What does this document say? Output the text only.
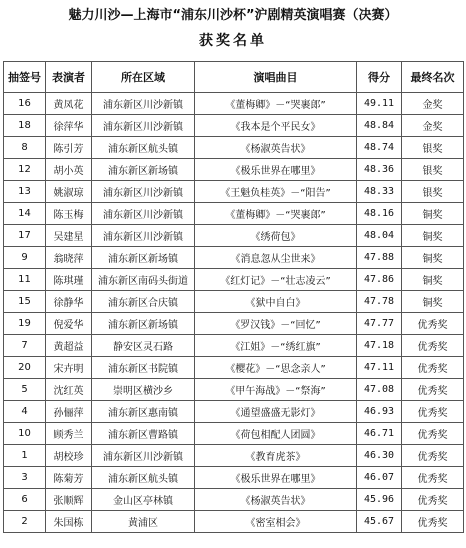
魅力川沙—上海市“浦东川沙杯”沪剧精英演唱赛（决赛）
获奖名单
抽签号	表演者	所在区域	演唱曲目	得分	最终名次
16	黄凤花	浦东新区川沙新镇	《董梅卿》－“哭裹郎”	49.11	金奖
18	徐萍华	浦东新区川沙新镇	《我本是个平民女》	48.84	金奖
8	陈引芳	浦东新区航头镇	《杨淑英告状》	48.74	银奖
12	胡小英	浦东新区新场镇	《极乐世界在哪里》	48.36	银奖
13	姚淑琼	浦东新区川沙新镇	《王魁负桂英》－“阳告”	48.33	银奖
14	陈玉梅	浦东新区川沙新镇	《董梅卿》－“哭裹郎”	48.16	铜奖
17	吴建星	浦东新区川沙新镇	《绣荷包》	48.04	铜奖
9	翁晓萍	浦东新区新场镇	《消息忽从尘世来》	47.88	铜奖
11	陈琪瑾	浦东新区南码头街道	《红灯记》－“壮志凌云”	47.86	铜奖
15	徐静华	浦东新区合庆镇	《狱中自白》	47.78	铜奖
19	倪爱华	浦东新区新场镇	《罗汉钱》－“回忆”	47.77	优秀奖
7	黄超益	静安区灵石路	《江姐》－“绣红旗”	47.18	优秀奖
20	宋卉明	浦东新区书院镇	《樱花》－“思念亲人”	47.11	优秀奖
5	沈红英	崇明区横沙乡	《甲午海战》－“祭海”	47.08	优秀奖
4	孙俪萍	浦东新区惠南镇	《通望盛盛无影灯》	46.93	优秀奖
10	顾秀兰	浦东新区曹路镇	《荷包相配人团圆》	46.71	优秀奖
1	胡校珍	浦东新区川沙新镇	《教育虎茶》	46.30	优秀奖
3	陈菊芳	浦东新区航头镇	《极乐世界在哪里》	46.07	优秀奖
6	张顺辉	金山区亭林镇	《杨淑英告状》	45.96	优秀奖
2	朱国栋	黄浦区	《密室相会》	45.67	优秀奖
